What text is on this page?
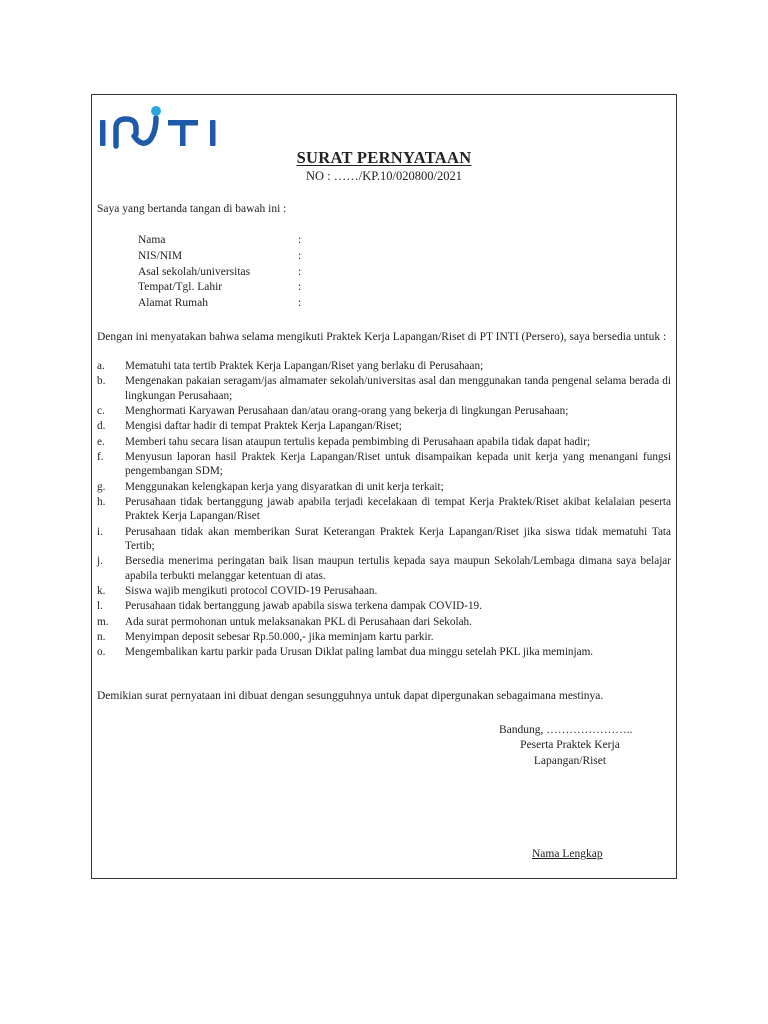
INTI
SURAT PERNYATAAN
NO : ……/KP.10/020800/2021
Saya yang bertanda tangan di bawah ini :
Nama	:
NIS/NIM	:
Asal sekolah/universitas	:
Tempat/Tgl. Lahir	:
Alamat Rumah	:
Dengan ini menyatakan bahwa selama mengikuti Praktek Kerja Lapangan/Riset di PT INTI (Persero), saya bersedia untuk :
a.	Mematuhi tata tertib Praktek Kerja Lapangan/Riset yang berlaku di Perusahaan;
b.	Mengenakan pakaian seragam/jas almamater sekolah/universitas asal dan menggunakan tanda pengenal selama berada di lingkungan Perusahaan;
c.	Menghormati Karyawan Perusahaan dan/atau orang-orang yang bekerja di lingkungan Perusahaan;
d.	Mengisi daftar hadir di tempat Praktek Kerja Lapangan/Riset;
e.	Memberi tahu secara lisan ataupun tertulis kepada pembimbing di Perusahaan apabila tidak dapat hadir;
f.	Menyusun laporan hasil Praktek Kerja Lapangan/Riset untuk disampaikan kepada unit kerja yang menangani fungsi pengembangan SDM;
g.	Menggunakan kelengkapan kerja yang disyaratkan di unit kerja terkait;
h.	Perusahaan tidak bertanggung jawab apabila terjadi kecelakaan di tempat Kerja Praktek/Riset akibat kelalaian peserta Praktek Kerja Lapangan/Riset
i.	Perusahaan tidak akan memberikan Surat Keterangan Praktek Kerja Lapangan/Riset jika siswa tidak mematuhi Tata Tertib;
j.	Bersedia menerima peringatan baik lisan maupun tertulis kepada saya maupun Sekolah/Lembaga dimana saya belajar apabila terbukti melanggar ketentuan di atas.
k.	Siswa wajib mengikuti protocol COVID-19 Perusahaan.
l.	Perusahaan tidak bertanggung jawab apabila siswa terkena dampak COVID-19.
m.	Ada surat permohonan untuk melaksanakan PKL di Perusahaan dari Sekolah.
n.	Menyimpan deposit sebesar Rp.50.000,- jika meminjam kartu parkir.
o.	Mengembalikan kartu parkir pada Urusan Diklat paling lambat dua minggu setelah PKL jika meminjam.
Demikian surat pernyataan ini dibuat dengan sesungguhnya untuk dapat dipergunakan sebagaimana mestinya.
Bandung, …………………..
Peserta Praktek Kerja
Lapangan/Riset
Nama Lengkap
